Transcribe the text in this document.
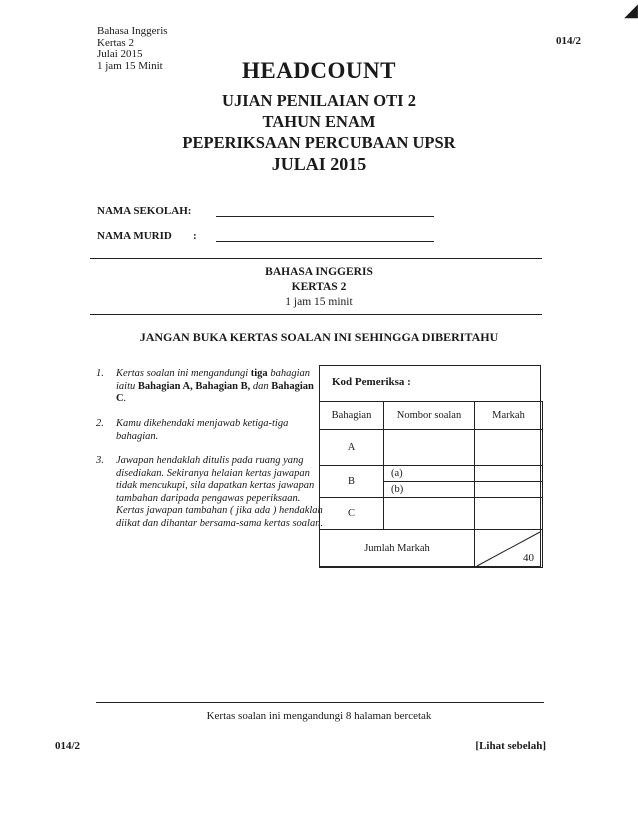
Bahasa Inggeris
Kertas 2
Julai 2015
1 jam 15 Minit
014/2
◢
HEADCOUNT
UJIAN PENILAIAN OTI 2
TAHUN ENAM
PEPERIKSAAN PERCUBAAN UPSR
JULAI 2015
NAMA SEKOLAH:
NAMA MURID :
BAHASA INGGERIS
KERTAS 2
1 jam 15 minit
JANGAN BUKA KERTAS SOALAN INI SEHINGGA DIBERITAHU
1. Kertas soalan ini mengandungi tiga bahagian iaitu Bahagian A, Bahagian B, dan Bahagian C.
2. Kamu dikehendaki menjawab ketiga-tiga bahagian.
3. Jawapan hendaklah ditulis pada ruang yang disediakan. Sekiranya helaian kertas jawapan tidak mencukupi, sila dapatkan kertas jawapan tambahan daripada pengawas peperiksaan. Kertas jawapan tambahan ( jika ada ) hendaklah diikat dan dihantar bersama-sama kertas soalan.
Kod Pemeriksa :
Bahagian	Nombor soalan	Markah
A		
B	(a)	
	(b)	
C		
Jumlah Markah		40
Kertas soalan ini mengandungi 8 halaman bercetak
014/2	[Lihat sebelah]
